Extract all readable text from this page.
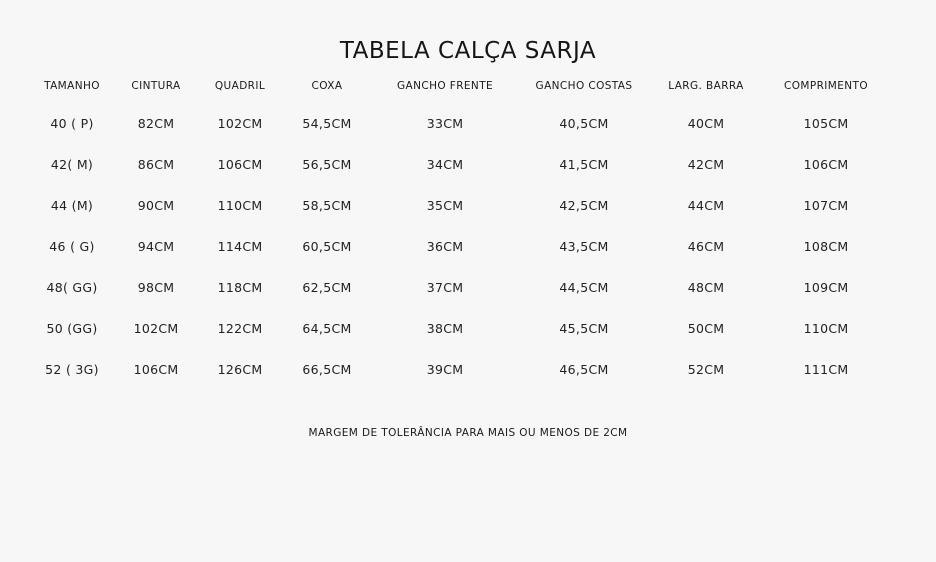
TABELA CALÇA SARJA
TAMANHO	CINTURA	QUADRIL	COXA	GANCHO FRENTE	GANCHO COSTAS	LARG. BARRA	COMPRIMENTO
40 ( P)	82CM	102CM	54,5CM	33CM	40,5CM	40CM	105CM
42( M)	86CM	106CM	56,5CM	34CM	41,5CM	42CM	106CM
44 (M)	90CM	110CM	58,5CM	35CM	42,5CM	44CM	107CM
46 ( G)	94CM	114CM	60,5CM	36CM	43,5CM	46CM	108CM
48( GG)	98CM	118CM	62,5CM	37CM	44,5CM	48CM	109CM
50 (GG)	102CM	122CM	64,5CM	38CM	45,5CM	50CM	110CM
52 ( 3G)	106CM	126CM	66,5CM	39CM	46,5CM	52CM	111CM
MARGEM DE TOLERÂNCIA PARA MAIS OU MENOS DE 2CM
